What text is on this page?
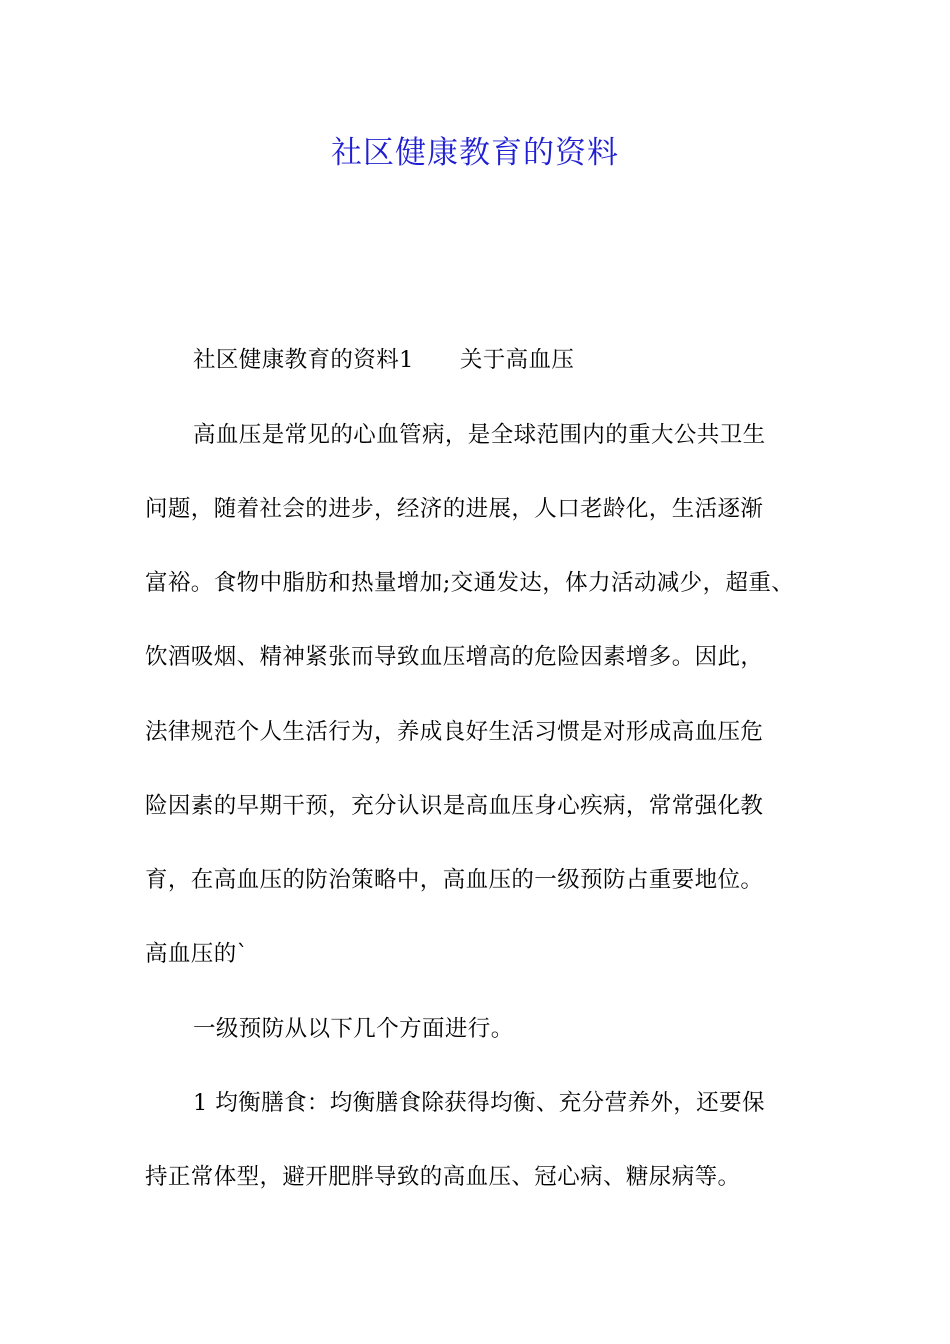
社区健康教育的资料
社区健康教育的资料1 关于高血压
高血压是常见的心血管病，是全球范围内的重大公共卫生
问题，随着社会的进步，经济的进展，人口老龄化，生活逐渐
富裕。食物中脂肪和热量增加;交通发达，体力活动减少，超重、
饮酒吸烟、精神紧张而导致血压增高的危险因素增多。因此，
法律规范个人生活行为，养成良好生活习惯是对形成高血压危
险因素的早期干预，充分认识是高血压身心疾病，常常强化教
育，在高血压的防治策略中，高血压的一级预防占重要地位。
高血压的`
一级预防从以下几个方面进行。
1 均衡膳食：均衡膳食除获得均衡、充分营养外，还要保
持正常体型，避开肥胖导致的高血压、冠心病、糖尿病等。
